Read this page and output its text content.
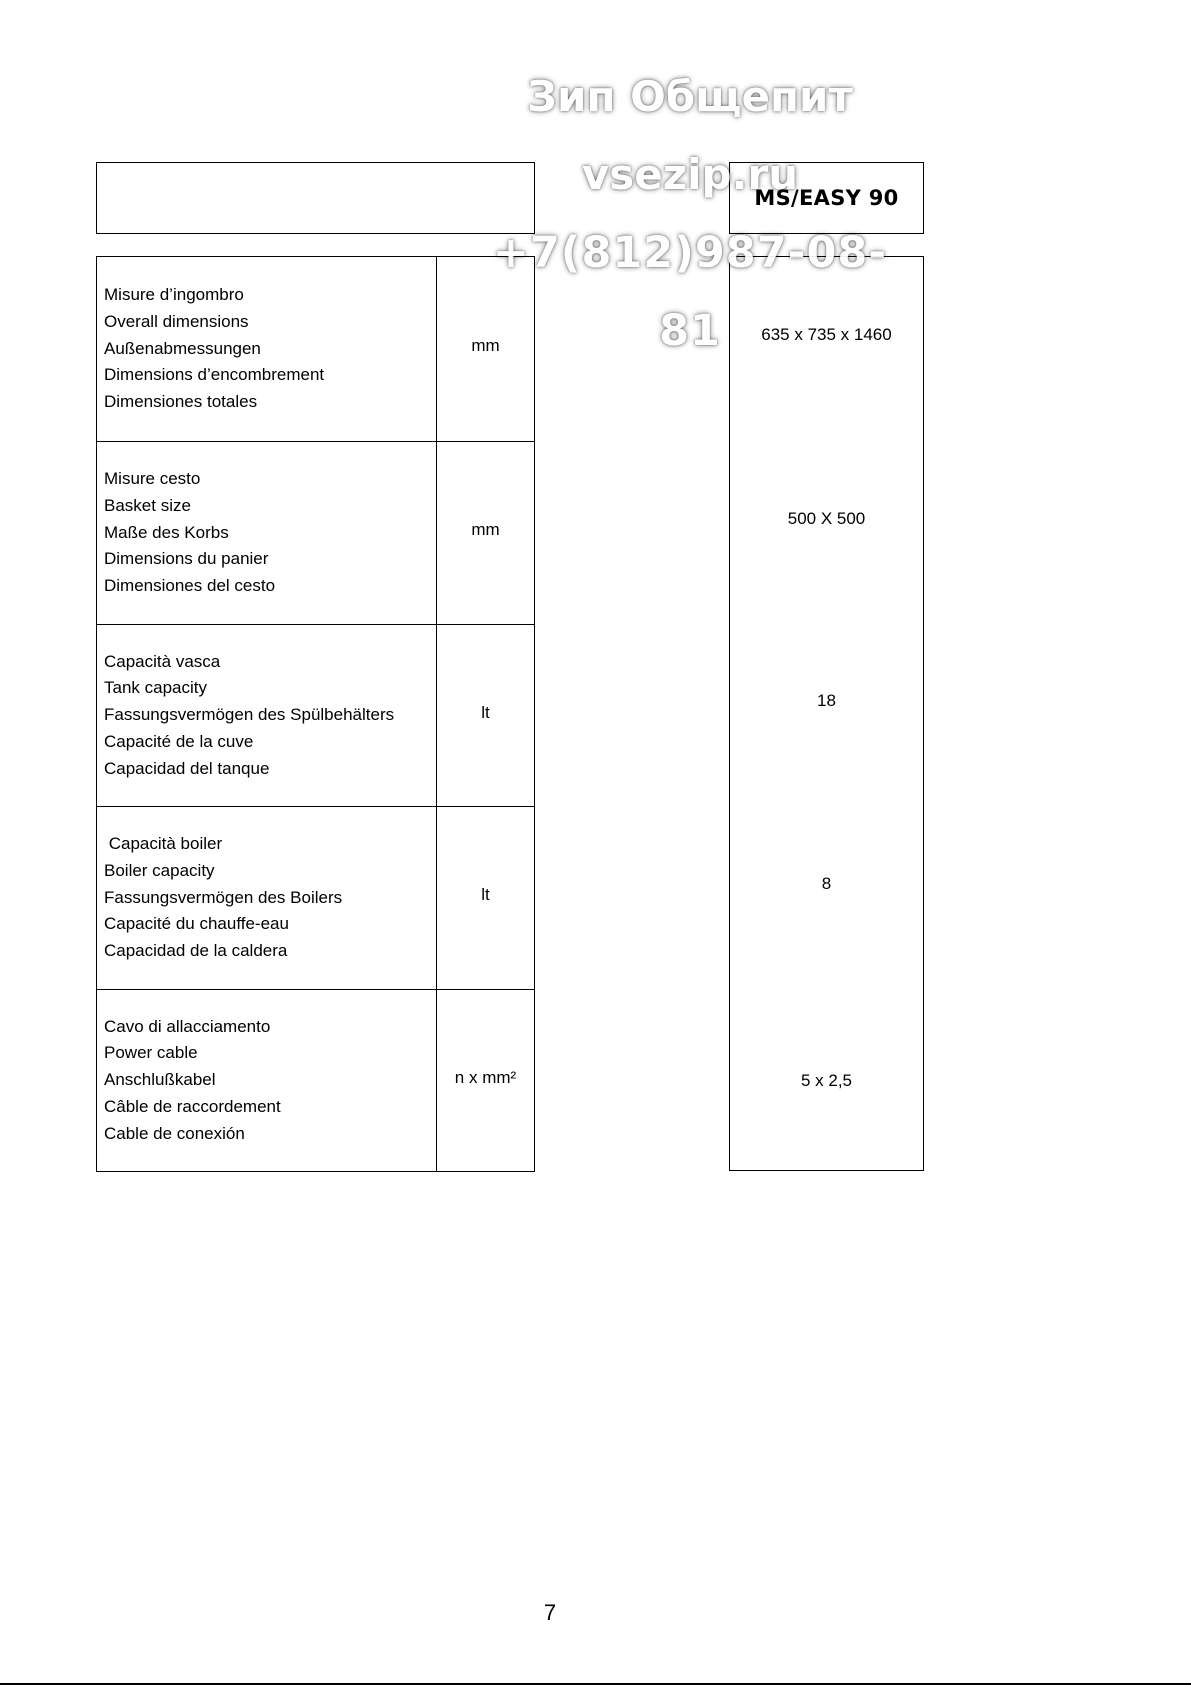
MS/EASY 90
Misure d’ingombro
Overall dimensions
Außenabmessungen
Dimensions d’encombrement
Dimensiones totales
mm
Misure cesto
Basket size
Maße des Korbs
Dimensions du panier
Dimensiones del cesto
mm
Capacità vasca
Tank capacity
Fassungsvermögen des Spülbehälters
Capacité de la cuve
Capacidad del tanque
lt
Capacità boiler
Boiler capacity
Fassungsvermögen des Boilers
Capacité du chauffe-eau
Capacidad de la caldera
lt
Cavo di allacciamento
Power cable
Anschlußkabel
Câble de raccordement
Cable de conexión
n x mm²
635 x 735 x 1460
500 X 500
18
8
5 x 2,5
Зип Общепит
vsezip.ru
+7(812)987-08-81
7
